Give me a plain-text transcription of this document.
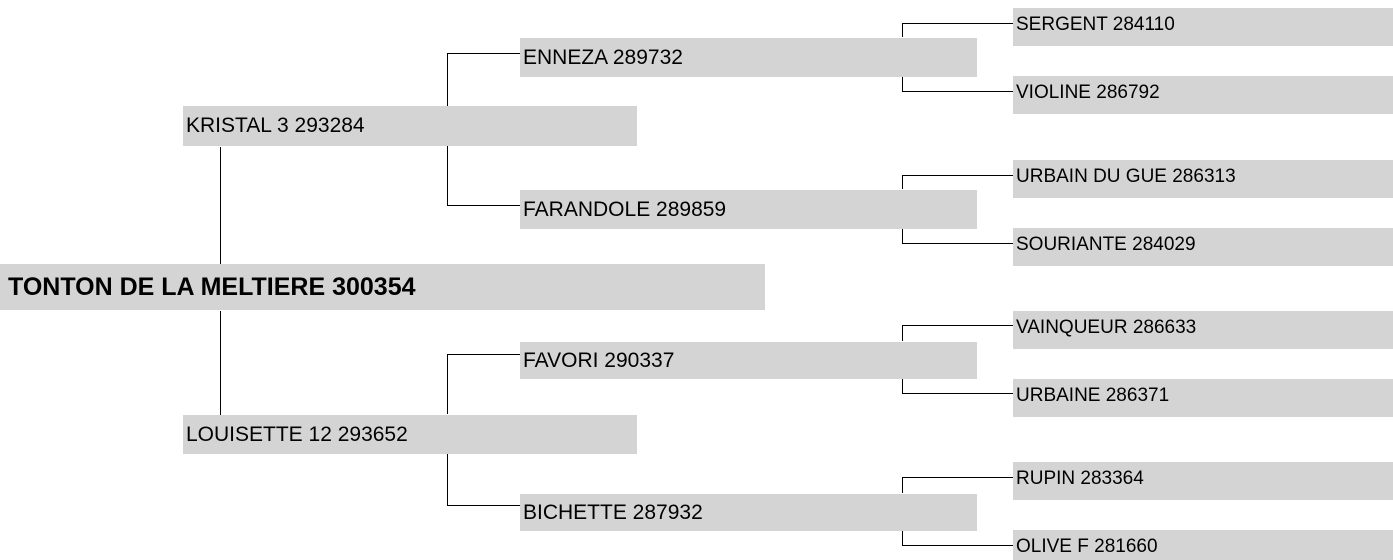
TONTON DE LA MELTIERE 300354
KRISTAL 3 293284
LOUISETTE 12 293652
ENNEZA 289732
FARANDOLE 289859
FAVORI 290337
BICHETTE 287932
SERGENT 284110
VIOLINE 286792
URBAIN DU GUE 286313
SOURIANTE 284029
VAINQUEUR 286633
URBAINE 286371
RUPIN 283364
OLIVE F 281660
